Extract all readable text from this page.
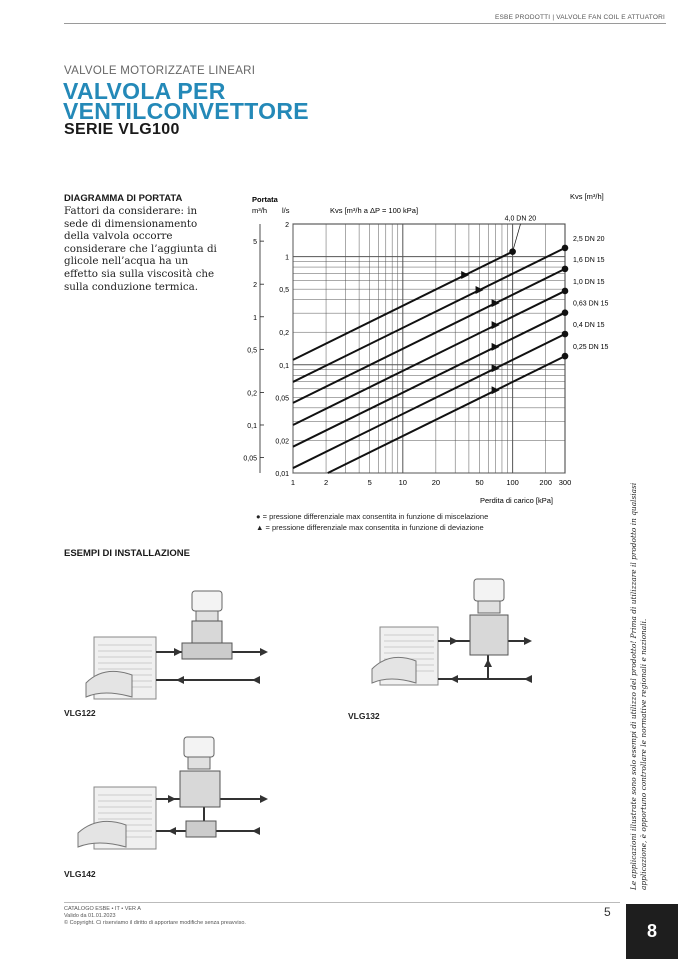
ESBE PRODOTTI | VALVOLE FAN COIL E ATTUATORI
VALVOLE MOTORIZZATE LINEARI
VALVOLA PER VENTILCONVETTORE
SERIE VLG100
DIAGRAMMA DI PORTATA
Fattori da considerare: in sede di dimensionamento della valvola occorre considerare che l’aggiunta di glicole nell’acqua ha un effetto sia sulla viscosità che sulla conduzione termica.
1	2	5	10	20	50	100	200 300
2
1
0,5
0,2
0,1
0,05
0,02
0,01
5
2
1
0,5
0,2
0,1
0,05
4,0 DN 20
2,5 DN 20
1,6 DN 15
1,0 DN 15
0,63 DN 15
0,4 DN 15
0,25 DN 15
Portata
m³/h l/s	Kvs [m³/h a ΔP = 100 kPa]
Kvs [m³/h]
Perdita di carico [kPa]
● = pressione differenziale max consentita in funzione di miscelazione
▲ = pressione differenziale max consentita in funzione di deviazione
ESEMPI DI INSTALLAZIONE
VLG122	VLG132
VLG142	Le applicazioni illustrate sono solo esempi di utilizzo del prodotto! Prima di utilizzare il prodotto in qualsiasi applicazione, è opportuno controllare le normative regionali e nazionali.
CATALOGO ESBE • IT • VER A
Valido da 01.01.2023
© Copyright. Ci riserviamo il diritto di apportare modifiche senza preavviso.
5
8
